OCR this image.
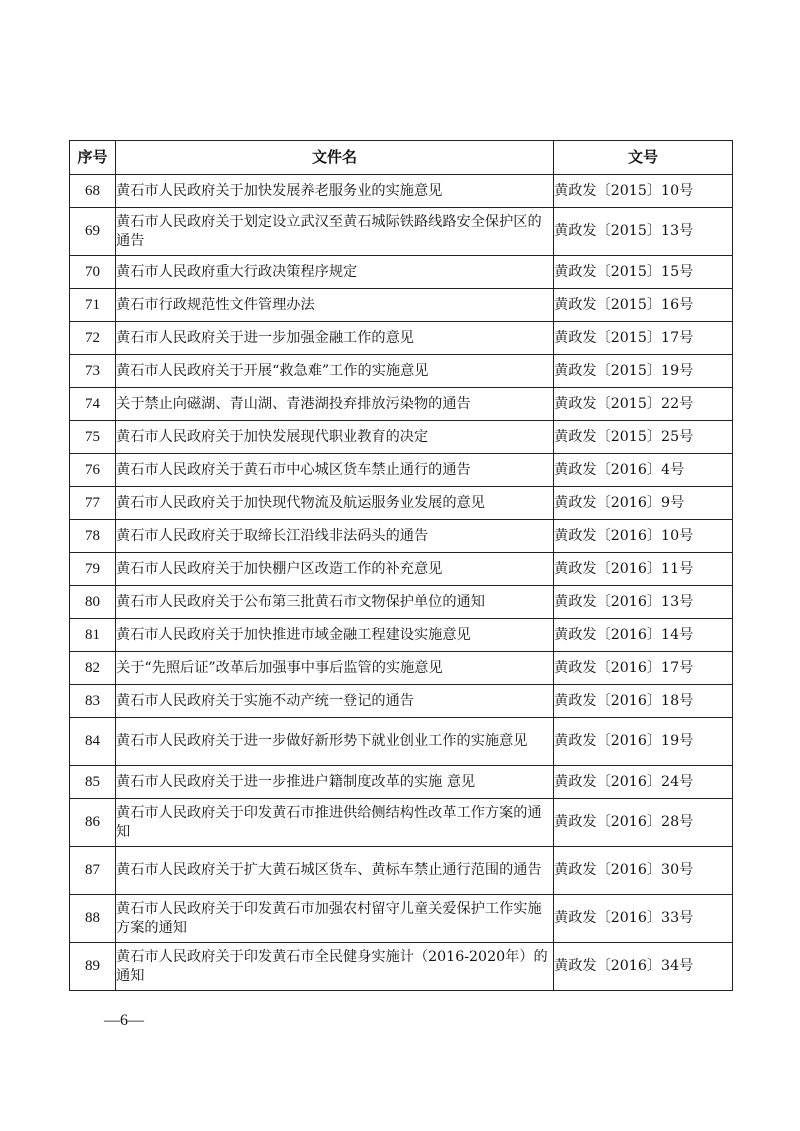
序号	文件名	文号
68	黄石市人民政府关于加快发展养老服务业的实施意见	黄政发〔2015〕10号
69	黄石市人民政府关于划定设立武汉至黄石城际铁路线路安全保护区的通告	黄政发〔2015〕13号
70	黄石市人民政府重大行政决策程序规定	黄政发〔2015〕15号
71	黄石市行政规范性文件管理办法	黄政发〔2015〕16号
72	黄石市人民政府关于进一步加强金融工作的意见	黄政发〔2015〕17号
73	黄石市人民政府关于开展“救急难”工作的实施意见	黄政发〔2015〕19号
74	关于禁止向磁湖、青山湖、青港湖投弃排放污染物的通告	黄政发〔2015〕22号
75	黄石市人民政府关于加快发展现代职业教育的决定	黄政发〔2015〕25号
76	黄石市人民政府关于黄石市中心城区货车禁止通行的通告	黄政发〔2016〕4号
77	黄石市人民政府关于加快现代物流及航运服务业发展的意见	黄政发〔2016〕9号
78	黄石市人民政府关于取缔长江沿线非法码头的通告	黄政发〔2016〕10号
79	黄石市人民政府关于加快棚户区改造工作的补充意见	黄政发〔2016〕11号
80	黄石市人民政府关于公布第三批黄石市文物保护单位的通知	黄政发〔2016〕13号
81	黄石市人民政府关于加快推进市域金融工程建设实施意见	黄政发〔2016〕14号
82	关于“先照后证”改革后加强事中事后监管的实施意见	黄政发〔2016〕17号
83	黄石市人民政府关于实施不动产统一登记的通告	黄政发〔2016〕18号
84	黄石市人民政府关于进一步做好新形势下就业创业工作的实施意见	黄政发〔2016〕19号
85	黄石市人民政府关于进一步推进户籍制度改革的实施 意见	黄政发〔2016〕24号
86	黄石市人民政府关于印发黄石市推进供给侧结构性改革工作方案的通知	黄政发〔2016〕28号
87	黄石市人民政府关于扩大黄石城区货车、黄标车禁止通行范围的通告	黄政发〔2016〕30号
88	黄石市人民政府关于印发黄石市加强农村留守儿童关爱保护工作实施方案的通知	黄政发〔2016〕33号
89	黄石市人民政府关于印发黄石市全民健身实施计（2016-2020年）的通知	黄政发〔2016〕34号
—6—
